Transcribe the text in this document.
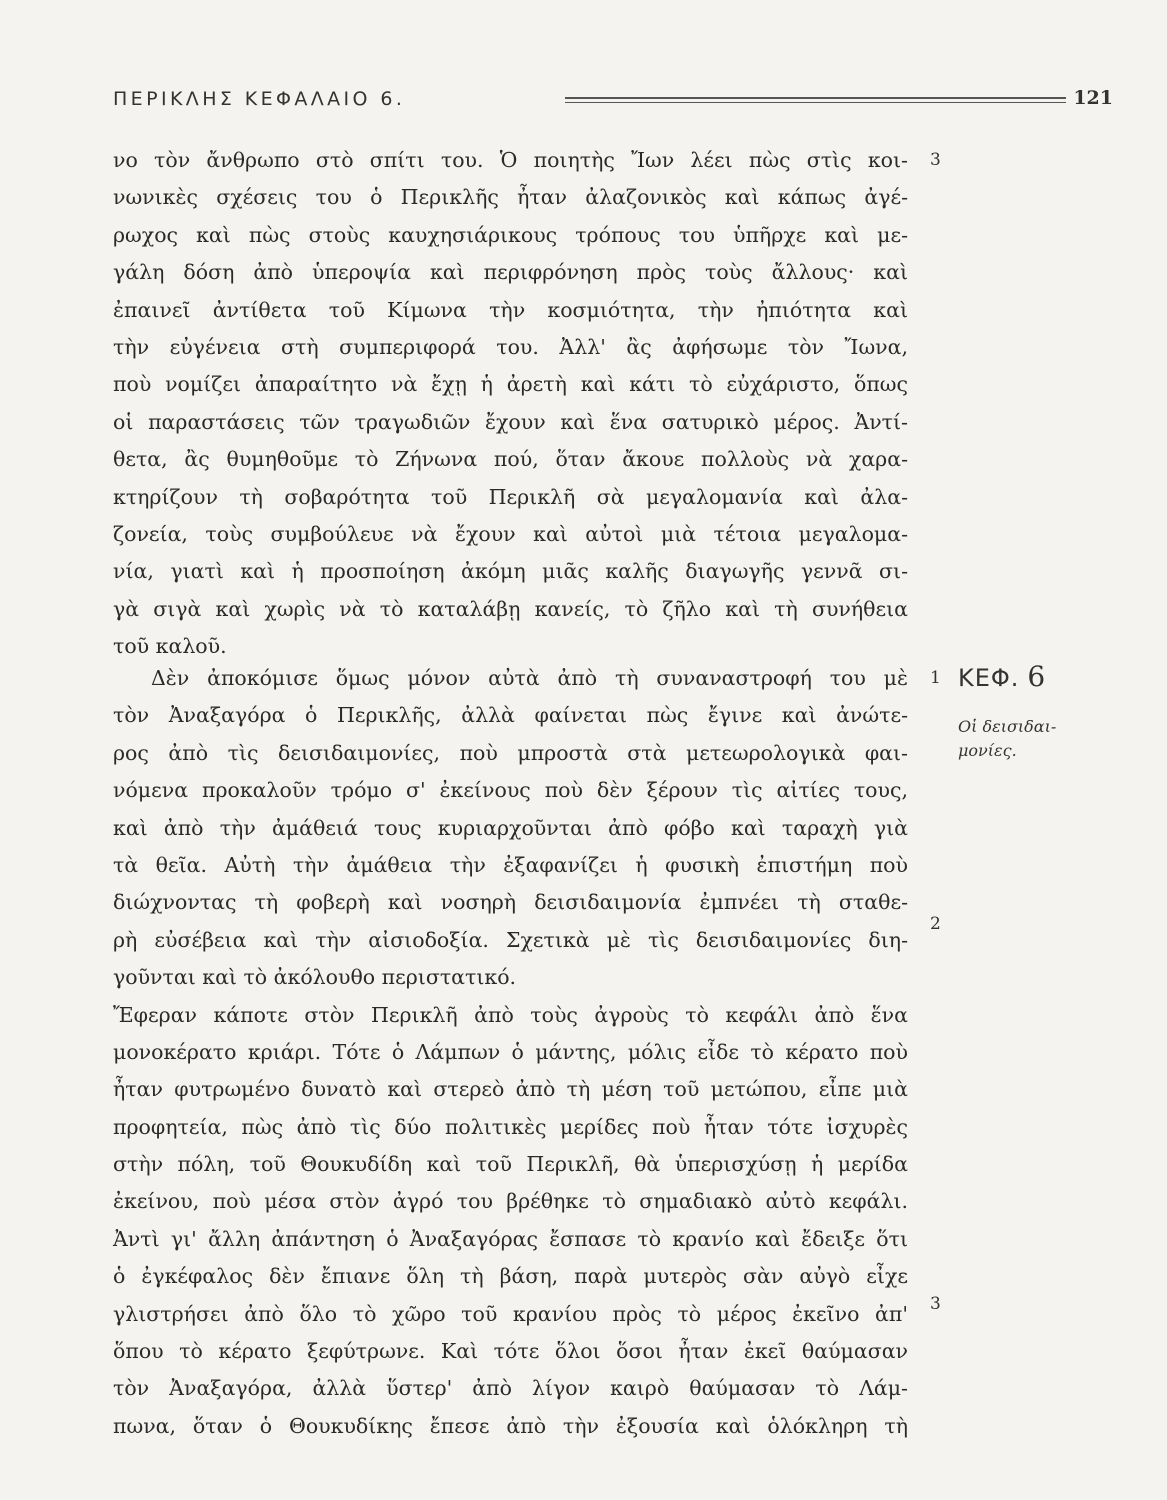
ΠΕΡΙΚΛΗΣ ΚΕΦΑΛΑΙΟ 6.	121
νο τὸν ἄνθρωπο στὸ σπίτι του. Ὁ ποιητὴς Ἴων λέει πὼς στὶς κοι-
νωνικὲς σχέσεις του ὁ Περικλῆς ἦταν ἀλαζονικὸς καὶ κάπως ἀγέ-
ρωχος καὶ πὼς στοὺς καυχησιάρικους τρόπους του ὑπῆρχε καὶ με-
γάλη δόση ἀπὸ ὑπεροψία καὶ περιφρόνηση πρὸς τοὺς ἄλλους· καὶ
ἐπαινεῖ ἀντίθετα τοῦ Κίμωνα τὴν κοσμιότητα, τὴν ἠπιότητα καὶ
τὴν εὐγένεια στὴ συμπεριφορά του. Ἀλλ' ἂς ἀφήσωμε τὸν Ἴωνα,
ποὺ νομίζει ἀπαραίτητο νὰ ἔχῃ ἡ ἀρετὴ καὶ κάτι τὸ εὐχάριστο, ὅπως
οἱ παραστάσεις τῶν τραγωδιῶν ἔχουν καὶ ἕνα σατυρικὸ μέρος. Ἀντί-
θετα, ἂς θυμηθοῦμε τὸ Ζήνωνα πού, ὅταν ἄκουε πολλοὺς νὰ χαρα-
κτηρίζουν τὴ σοβαρότητα τοῦ Περικλῆ σὰ μεγαλομανία καὶ ἀλα-
ζονεία, τοὺς συμβούλευε νὰ ἔχουν καὶ αὐτοὶ μιὰ τέτοια μεγαλομα-
νία, γιατὶ καὶ ἡ προσποίηση ἀκόμη μιᾶς καλῆς διαγωγῆς γεννᾶ σι-
γὰ σιγὰ καὶ χωρὶς νὰ τὸ καταλάβῃ κανείς, τὸ ζῆλο καὶ τὴ συνήθεια
τοῦ καλοῦ.
Δὲν ἀποκόμισε ὅμως μόνον αὐτὰ ἀπὸ τὴ συναναστροφή του μὲ
τὸν Ἀναξαγόρα ὁ Περικλῆς, ἀλλὰ φαίνεται πὼς ἔγινε καὶ ἀνώτε-
ρος ἀπὸ τὶς δεισιδαιμονίες, ποὺ μπροστὰ στὰ μετεωρολογικὰ φαι-
νόμενα προκαλοῦν τρόμο σ' ἐκείνους ποὺ δὲν ξέρουν τὶς αἰτίες τους,
καὶ ἀπὸ τὴν ἀμάθειά τους κυριαρχοῦνται ἀπὸ φόβο καὶ ταραχὴ γιὰ
τὰ θεῖα. Αὐτὴ τὴν ἀμάθεια τὴν ἐξαφανίζει ἡ φυσικὴ ἐπιστήμη ποὺ
διώχνοντας τὴ φοβερὴ καὶ νοσηρὴ δεισιδαιμονία ἐμπνέει τὴ σταθε-
ρὴ εὐσέβεια καὶ τὴν αἰσιοδοξία. Σχετικὰ μὲ τὶς δεισιδαιμονίες διη-
γοῦνται καὶ τὸ ἀκόλουθο περιστατικό.
Ἔφεραν κάποτε στὸν Περικλῆ ἀπὸ τοὺς ἀγροὺς τὸ κεφάλι ἀπὸ ἕνα
μονοκέρατο κριάρι. Τότε ὁ Λάμπων ὁ μάντης, μόλις εἶδε τὸ κέρατο ποὺ
ἦταν φυτρωμένο δυνατὸ καὶ στερεὸ ἀπὸ τὴ μέση τοῦ μετώπου, εἶπε μιὰ
προφητεία, πὼς ἀπὸ τὶς δύο πολιτικὲς μερίδες ποὺ ἦταν τότε ἰσχυρὲς
στὴν πόλη, τοῦ Θουκυδίδη καὶ τοῦ Περικλῆ, θὰ ὑπερισχύσῃ ἡ μερίδα
ἐκείνου, ποὺ μέσα στὸν ἀγρό του βρέθηκε τὸ σημαδιακὸ αὐτὸ κεφάλι.
Ἀντὶ γι' ἄλλη ἀπάντηση ὁ Ἀναξαγόρας ἔσπασε τὸ κρανίο καὶ ἔδειξε ὅτι
ὁ ἐγκέφαλος δὲν ἔπιανε ὅλη τὴ βάση, παρὰ μυτερὸς σὰν αὐγὸ εἶχε
γλιστρήσει ἀπὸ ὅλο τὸ χῶρο τοῦ κρανίου πρὸς τὸ μέρος ἐκεῖνο ἀπ'
ὅπου τὸ κέρατο ξεφύτρωνε. Καὶ τότε ὅλοι ὅσοι ἦταν ἐκεῖ θαύμασαν
τὸν Ἀναξαγόρα, ἀλλὰ ὕστερ' ἀπὸ λίγον καιρὸ θαύμασαν τὸ Λάμ-
πωνα, ὅταν ὁ Θουκυδίκης ἔπεσε ἀπὸ τὴν ἐξουσία καὶ ὁλόκληρη τὴ
3
1
2
3
ΚΕΦ. 6
Οἱ δεισιδαι-
μονίες.
